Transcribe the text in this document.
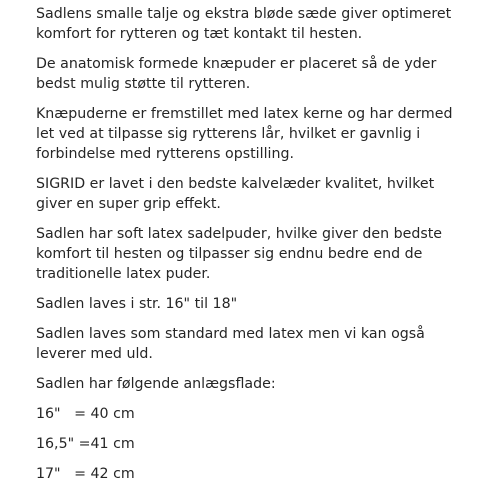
Sadlens smalle talje og ekstra bløde sæde giver optimeret komfort for rytteren og tæt kontakt til hesten.

De anatomisk formede knæpuder er placeret så de yder bedst mulig støtte til rytteren.

Knæpuderne er fremstillet med latex kerne og har dermed let ved at tilpasse sig rytterens lår, hvilket er gavnlig i forbindelse med rytterens opstilling.

SIGRID er lavet i den bedste kalvelæder kvalitet, hvilket giver en super grip effekt.

Sadlen har soft latex sadelpuder, hvilke giver den bedste komfort til hesten og tilpasser sig endnu bedre end de traditionelle latex puder.

Sadlen laves i str. 16" til 18"

Sadlen laves som standard med latex men vi kan også leverer med uld.

Sadlen har følgende anlægsflade:

16"   = 40 cm

16,5" =41 cm

17"   = 42 cm
